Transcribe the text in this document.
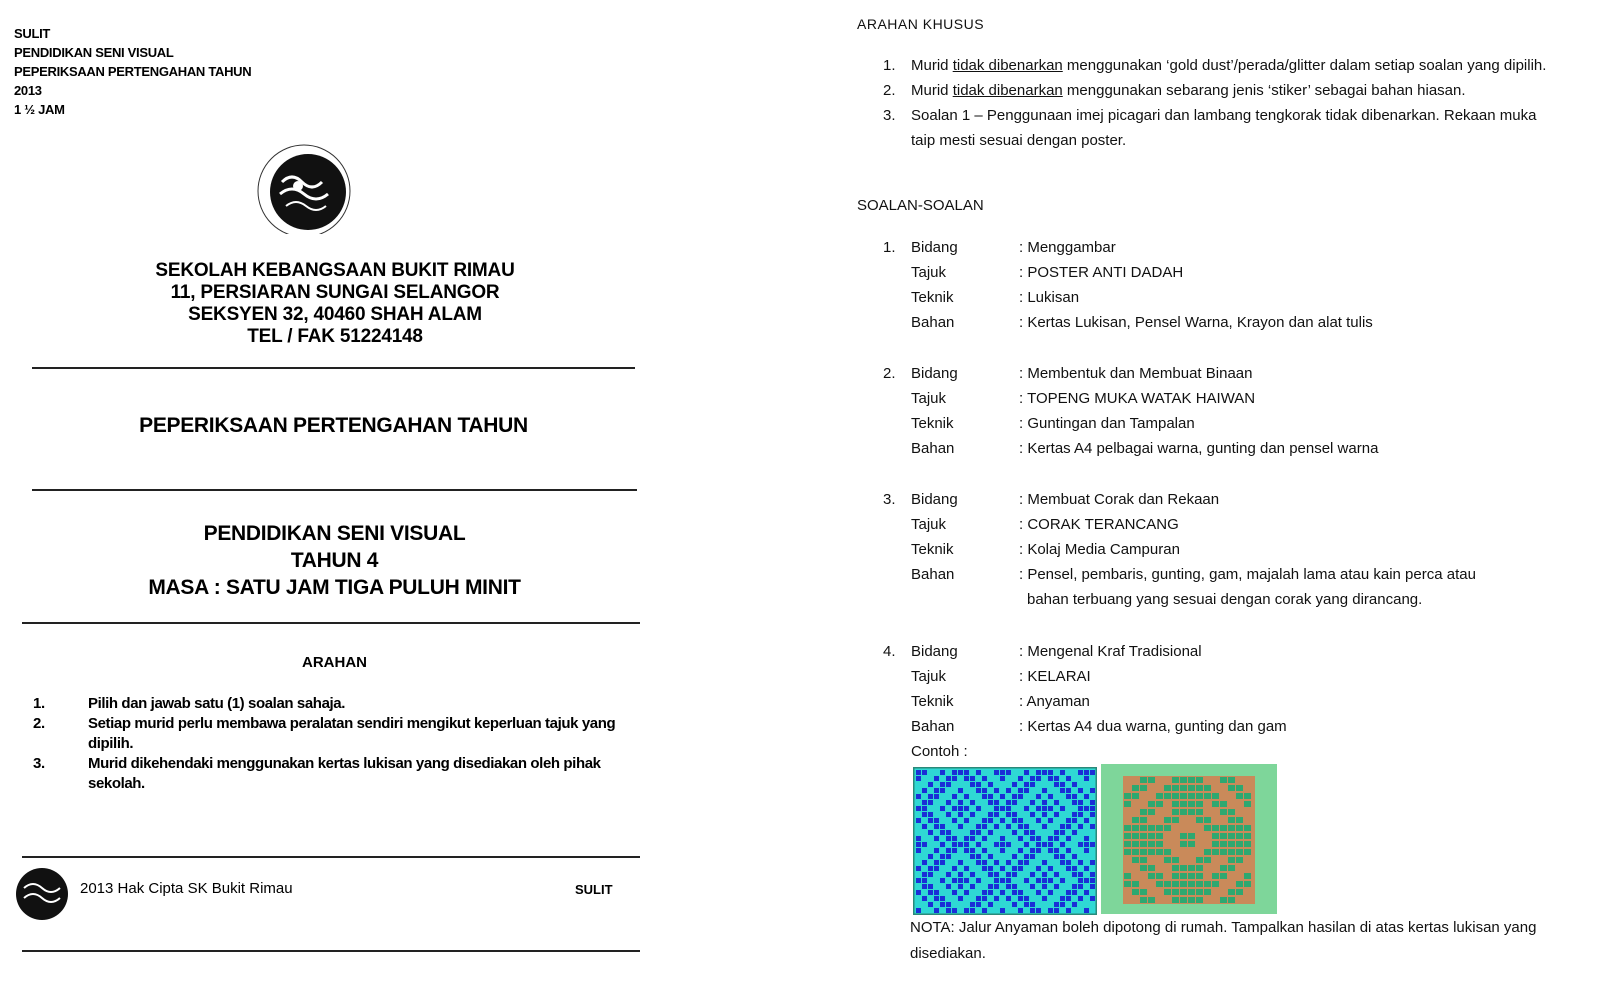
SULIT
PENDIDIKAN SENI VISUAL
PEPERIKSAAN PERTENGAHAN TAHUN
2013
1 ½ JAM
SEKOLAH KEBANGSAAN BUKIT RIMAU
11, PERSIARAN SUNGAI SELANGOR
SEKSYEN 32, 40460 SHAH ALAM
TEL / FAK 51224148
PEPERIKSAAN PERTENGAHAN TAHUN
PENDIDIKAN SENI VISUAL
TAHUN 4
MASA : SATU JAM TIGA PULUH MINIT
ARAHAN
1.	Pilih dan jawab satu (1) soalan sahaja.
2.	Setiap murid perlu membawa peralatan sendiri mengikut keperluan tajuk yang dipilih.
3.	Murid dikehendaki menggunakan kertas lukisan yang disediakan oleh pihak sekolah.
2013 Hak Cipta SK Bukit Rimau	SULIT
ARAHAN KHUSUS
1. Murid tidak dibenarkan menggunakan ‘gold dust’/perada/glitter dalam setiap soalan yang dipilih.
2. Murid tidak dibenarkan menggunakan sebarang jenis ‘stiker’ sebagai bahan hiasan.
3. Soalan 1 – Penggunaan imej picagari dan lambang tengkorak tidak dibenarkan. Rekaan muka taip mesti sesuai dengan poster.
SOALAN-SOALAN
1. Bidang	: Menggambar
Tajuk	: POSTER ANTI DADAH
Teknik	: Lukisan
Bahan	: Kertas Lukisan, Pensel Warna, Krayon dan alat tulis
2. Bidang	: Membentuk dan Membuat Binaan
Tajuk	: TOPENG MUKA WATAK HAIWAN
Teknik	: Guntingan dan Tampalan
Bahan	: Kertas A4 pelbagai warna, gunting dan pensel warna
3. Bidang	: Membuat Corak dan Rekaan
Tajuk	: CORAK TERANCANG
Teknik	: Kolaj Media Campuran
Bahan	: Pensel, pembaris, gunting, gam, majalah lama atau kain perca atau
bahan terbuang yang sesuai dengan corak yang dirancang.
4. Bidang	: Mengenal Kraf Tradisional
Tajuk	: KELARAI
Teknik	: Anyaman
Bahan	: Kertas A4 dua warna, gunting dan gam
Contoh :
NOTA: Jalur Anyaman boleh dipotong di rumah. Tampalkan hasilan di atas kertas lukisan yang disediakan.
